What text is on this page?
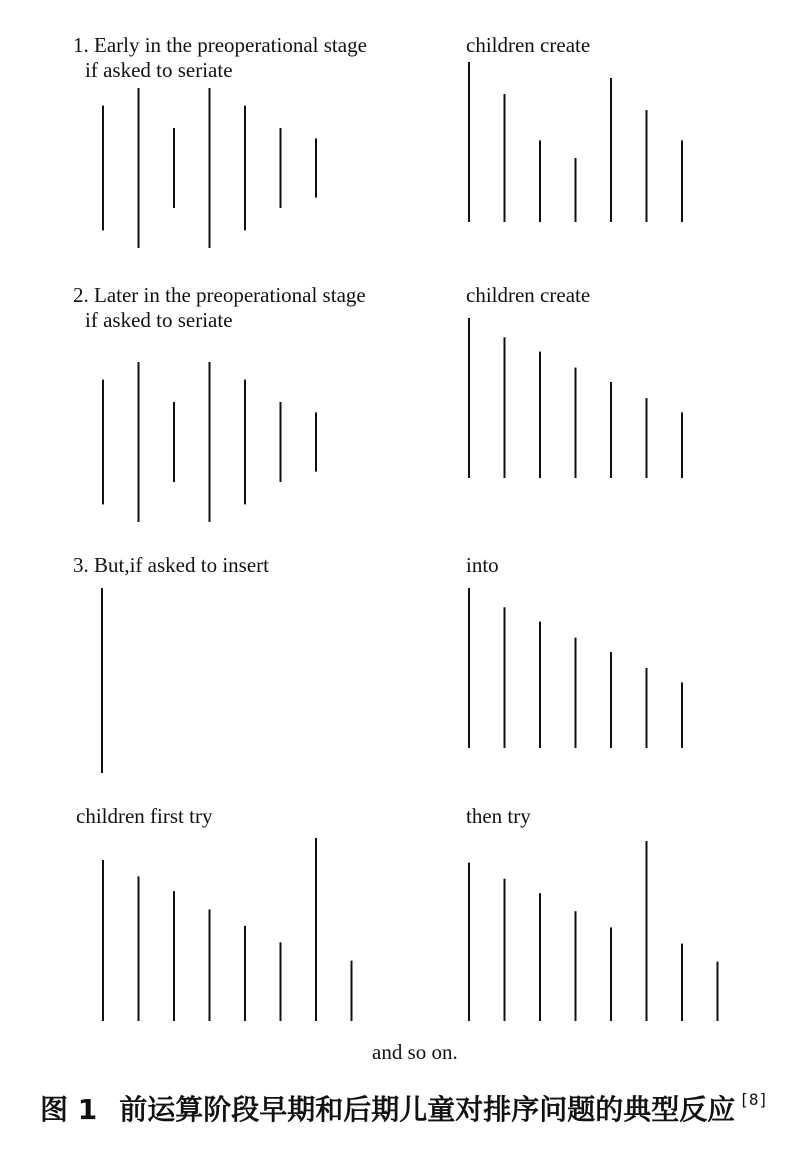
1. Early in the preoperational stage
if asked to seriate
children create
2. Later in the preoperational stage
if asked to seriate
children create
3. But,if asked to insert	into
children first try	then try
and so on.
图 1 前运算阶段早期和后期儿童对排序问题的典型反应 [8]
